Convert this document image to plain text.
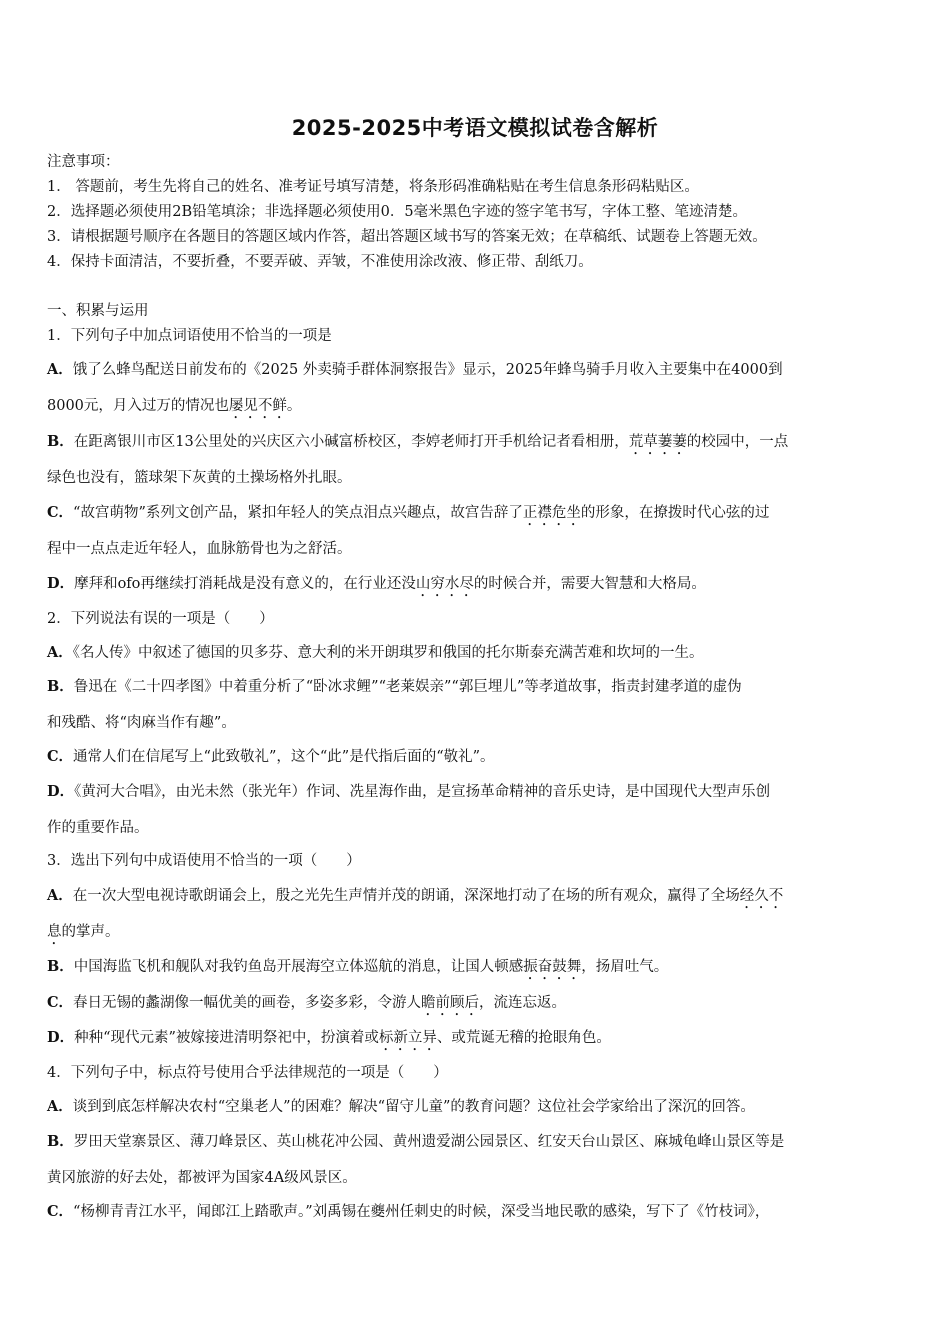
2025-2025中考语文模拟试卷含解析
注意事项：
1． 答题前，考生先将自己的姓名、准考证号填写清楚，将条形码准确粘贴在考生信息条形码粘贴区。
2．选择题必须使用2B铅笔填涂；非选择题必须使用0．5毫米黑色字迹的签字笔书写，字体工整、笔迹清楚。
3．请根据题号顺序在各题目的答题区域内作答，超出答题区域书写的答案无效；在草稿纸、试题卷上答题无效。
4．保持卡面清洁，不要折叠，不要弄破、弄皱，不准使用涂改液、修正带、刮纸刀。
一、积累与运用
1．下列句子中加点词语使用不恰当的一项是
A．饿了么蜂鸟配送日前发布的《2025 外卖骑手群体洞察报告》显示，2025年蜂鸟骑手月收入主要集中在4000到
8000元，月入过万的情况也屡见不鲜。
B．在距离银川市区13公里处的兴庆区六小碱富桥校区，李婷老师打开手机给记者看相册，荒草萋萋的校园中，一点
绿色也没有，篮球架下灰黄的土操场格外扎眼。
C．“故宫萌物”系列文创产品，紧扣年轻人的笑点泪点兴趣点，故宫告辞了正襟危坐的形象，在撩拨时代心弦的过
程中一点点走近年轻人，血脉筋骨也为之舒活。
D．摩拜和ofo再继续打消耗战是没有意义的，在行业还没山穷水尽的时候合并，需要大智慧和大格局。
2．下列说法有误的一项是（　　）
A．《名人传》中叙述了德国的贝多芬、意大利的米开朗琪罗和俄国的托尔斯泰充满苦难和坎坷的一生。
B．鲁迅在《二十四孝图》中着重分析了“卧冰求鲤”“老莱娱亲”“郭巨埋儿”等孝道故事，指责封建孝道的虚伪
和残酷、将“肉麻当作有趣”。
C．通常人们在信尾写上“此致敬礼”，这个“此”是代指后面的“敬礼”。
D．《黄河大合唱》，由光未然（张光年）作词、冼星海作曲，是宣扬革命精神的音乐史诗，是中国现代大型声乐创
作的重要作品。
3．选出下列句中成语使用不恰当的一项（　　）
A．在一次大型电视诗歌朗诵会上，殷之光先生声情并茂的朗诵，深深地打动了在场的所有观众，赢得了全场经久不
息的掌声。
B．中国海监飞机和舰队对我钓鱼岛开展海空立体巡航的消息，让国人顿感振奋鼓舞，扬眉吐气。
C．春日无锡的蠡湖像一幅优美的画卷，多姿多彩，令游人瞻前顾后，流连忘返。
D．种种“现代元素”被嫁接进清明祭祀中，扮演着或标新立异、或荒诞无稽的抢眼角色。
4．下列句子中，标点符号使用合乎法律规范的一项是（　　）
A．谈到到底怎样解决农村“空巢老人”的困难？解决“留守儿童”的教育问题？这位社会学家给出了深沉的回答。
B．罗田天堂寨景区、薄刀峰景区、英山桃花冲公园、黄州遗爱湖公园景区、红安天台山景区、麻城龟峰山景区等是
黄冈旅游的好去处，都被评为国家4A级风景区。
C．“杨柳青青江水平，闻郎江上踏歌声。”刘禹锡在夔州任刺史的时候，深受当地民歌的感染，写下了《竹枝词》，
